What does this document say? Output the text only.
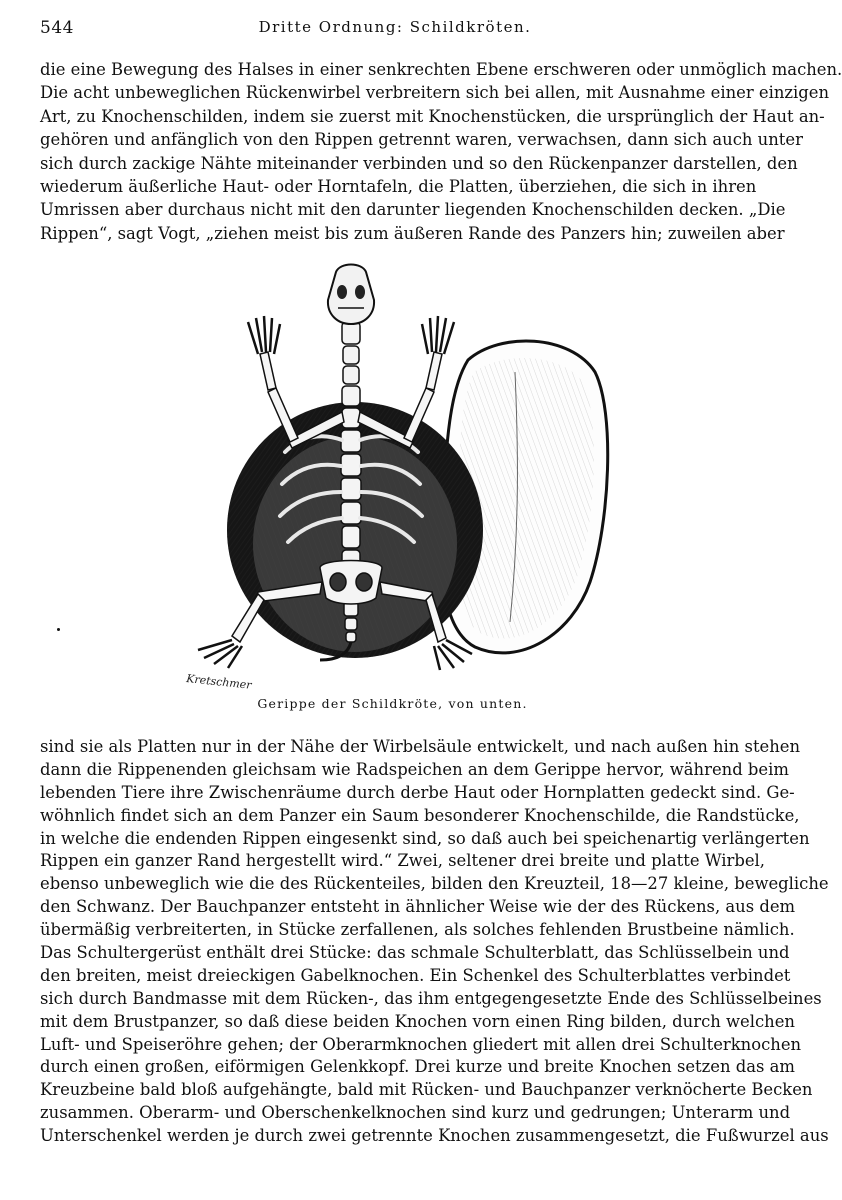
544	Dritte Ordnung: Schildkröten.
die eine Bewegung des Halses in einer senkrechten Ebene erschweren oder unmöglich machen.
Die acht unbeweglichen Rückenwirbel verbreitern sich bei allen, mit Ausnahme einer einzigen
Art, zu Knochenschilden, indem sie zuerst mit Knochenstücken, die ursprünglich der Haut an-
gehören und anfänglich von den Rippen getrennt waren, verwachsen, dann sich auch unter
sich durch zackige Nähte miteinander verbinden und so den Rückenpanzer darstellen, den
wiederum äußerliche Haut- oder Horntafeln, die Platten, überziehen, die sich in ihren
Umrissen aber durchaus nicht mit den darunter liegenden Knochenschilden decken. „Die
Rippen“, sagt Vogt, „ziehen meist bis zum äußeren Rande des Panzers hin; zuweilen aber
Kretschmer
Gerippe der Schildkröte, von unten.
sind sie als Platten nur in der Nähe der Wirbelsäule entwickelt, und nach außen hin stehen
dann die Rippenenden gleichsam wie Radspeichen an dem Gerippe hervor, während beim
lebenden Tiere ihre Zwischenräume durch derbe Haut oder Hornplatten gedeckt sind. Ge-
wöhnlich findet sich an dem Panzer ein Saum besonderer Knochenschilde, die Randstücke,
in welche die endenden Rippen eingesenkt sind, so daß auch bei speichenartig verlängerten
Rippen ein ganzer Rand hergestellt wird.“ Zwei, seltener drei breite und platte Wirbel,
ebenso unbeweglich wie die des Rückenteiles, bilden den Kreuzteil, 18—27 kleine, bewegliche
den Schwanz. Der Bauchpanzer entsteht in ähnlicher Weise wie der des Rückens, aus dem
übermäßig verbreiterten, in Stücke zerfallenen, als solches fehlenden Brustbeine nämlich.
Das Schultergerüst enthält drei Stücke: das schmale Schulterblatt, das Schlüsselbein und
den breiten, meist dreieckigen Gabelknochen. Ein Schenkel des Schulterblattes verbindet
sich durch Bandmasse mit dem Rücken-, das ihm entgegengesetzte Ende des Schlüsselbeines
mit dem Brustpanzer, so daß diese beiden Knochen vorn einen Ring bilden, durch welchen
Luft- und Speiseröhre gehen; der Oberarmknochen gliedert mit allen drei Schulterknochen
durch einen großen, eiförmigen Gelenkkopf. Drei kurze und breite Knochen setzen das am
Kreuzbeine bald bloß aufgehängte, bald mit Rücken- und Bauchpanzer verknöcherte Becken
zusammen. Oberarm- und Oberschenkelknochen sind kurz und gedrungen; Unterarm und
Unterschenkel werden je durch zwei getrennte Knochen zusammengesetzt, die Fußwurzel aus
